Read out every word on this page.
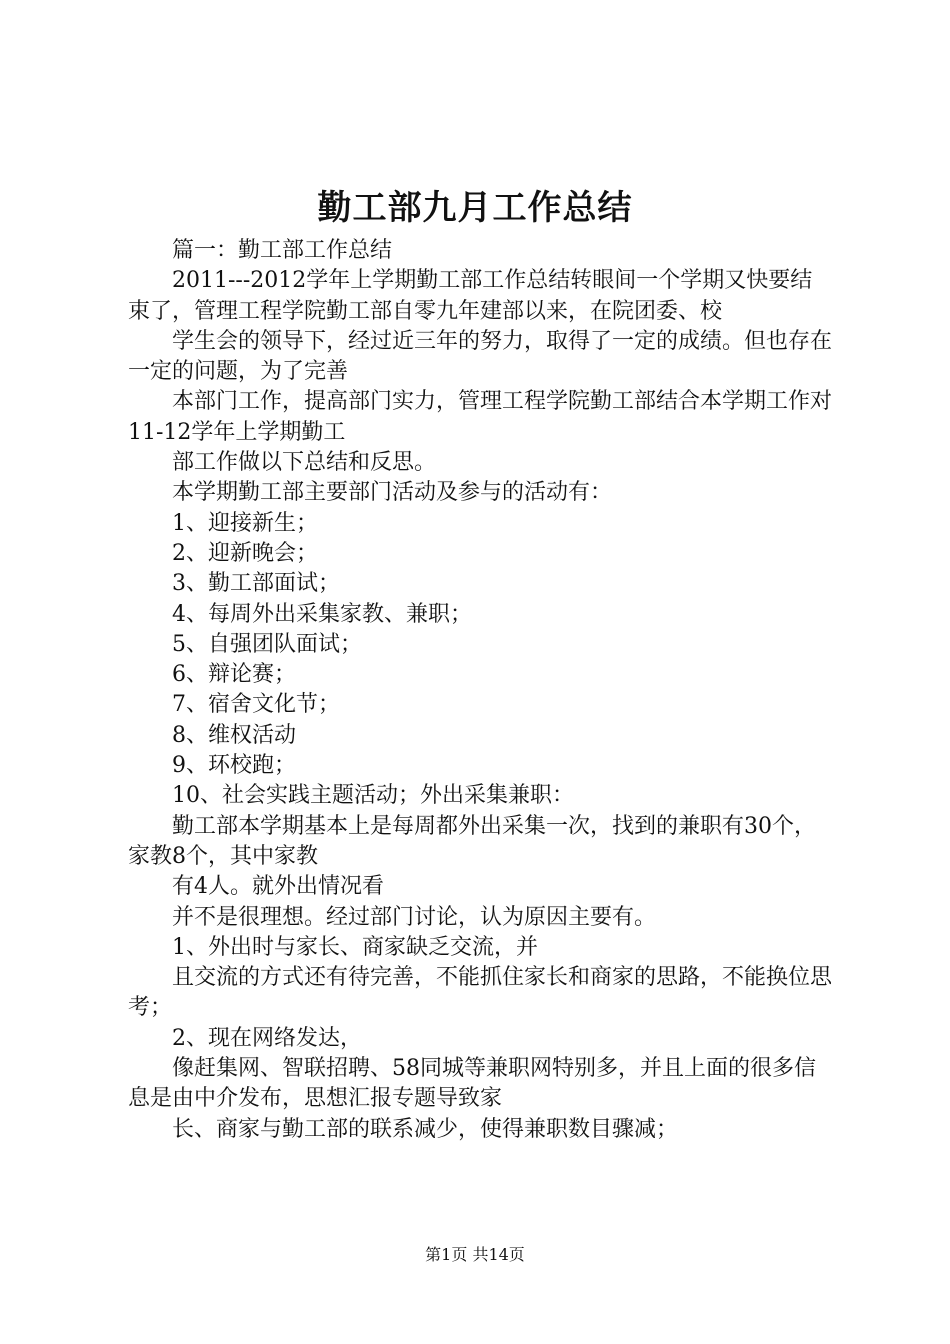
勤工部九月工作总结

篇一：勤工部工作总结

2011---2012学年上学期勤工部工作总结转眼间一个学期又快要结束了，管理工程学院勤工部自零九年建部以来，在院团委、校

学生会的领导下，经过近三年的努力，取得了一定的成绩。但也存在一定的问题，为了完善

本部门工作，提高部门实力，管理工程学院勤工部结合本学期工作对11-12学年上学期勤工

部工作做以下总结和反思。

本学期勤工部主要部门活动及参与的活动有：

1、迎接新生；

2、迎新晚会；

3、勤工部面试；

4、每周外出采集家教、兼职；

5、自强团队面试；

6、辩论赛；

7、宿舍文化节；

8、维权活动

9、环校跑；

10、社会实践主题活动；外出采集兼职：

勤工部本学期基本上是每周都外出采集一次，找到的兼职有30个，家教8个，其中家教

有4人。就外出情况看

并不是很理想。经过部门讨论，认为原因主要有。

1、外出时与家长、商家缺乏交流，并

且交流的方式还有待完善，不能抓住家长和商家的思路，不能换位思考；

2、现在网络发达，

像赶集网、智联招聘、58同城等兼职网特别多，并且上面的很多信息是由中介发布，思想汇报专题导致家

长、商家与勤工部的联系减少，使得兼职数目骤减；

第1页 共14页
